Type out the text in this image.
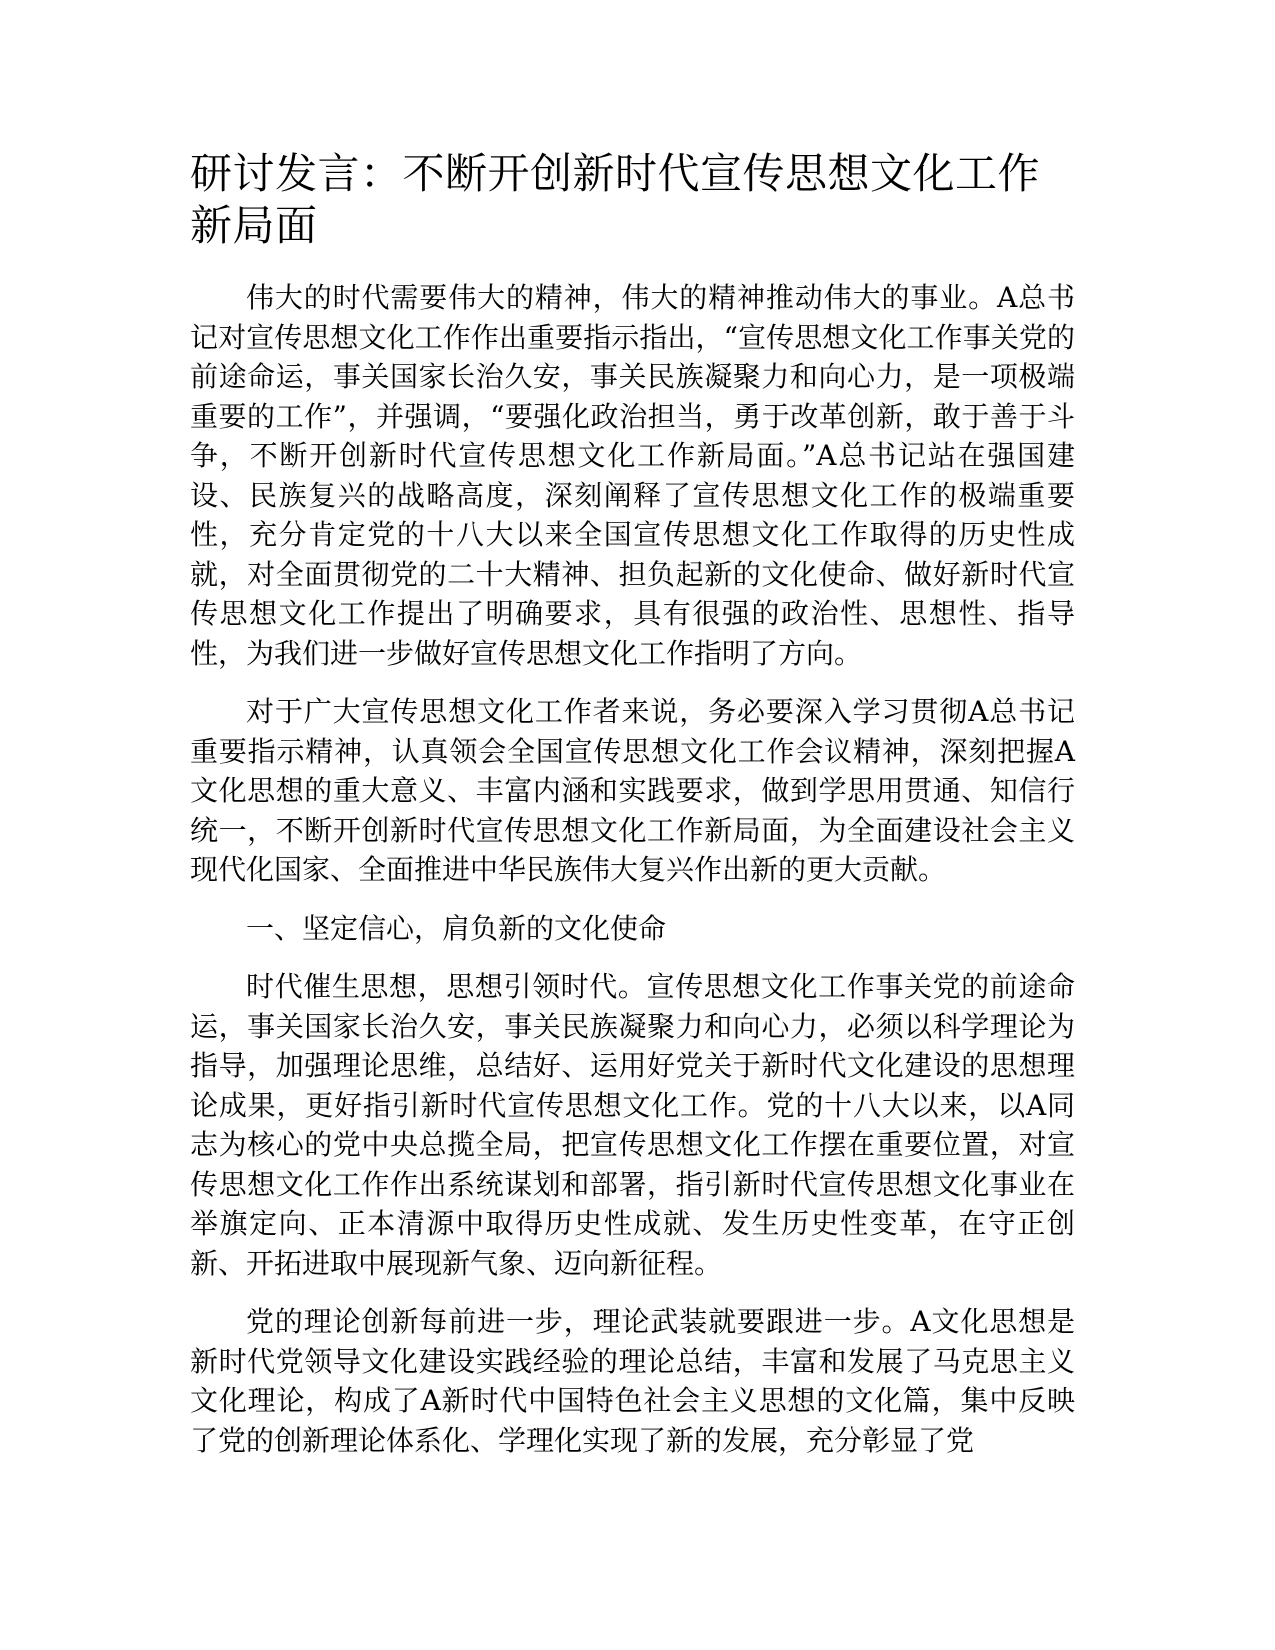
研讨发言：不断开创新时代宣传思想文化工作新局面

伟大的时代需要伟大的精神，伟大的精神推动伟大的事业。A总书记对宣传思想文化工作作出重要指示指出，“宣传思想文化工作事关党的前途命运，事关国家长治久安，事关民族凝聚力和向心力，是一项极端重要的工作”，并强调，“要强化政治担当，勇于改革创新，敢于善于斗争，不断开创新时代宣传思想文化工作新局面。”A总书记站在强国建设、民族复兴的战略高度，深刻阐释了宣传思想文化工作的极端重要性，充分肯定党的十八大以来全国宣传思想文化工作取得的历史性成就，对全面贯彻党的二十大精神、担负起新的文化使命、做好新时代宣传思想文化工作提出了明确要求，具有很强的政治性、思想性、指导性，为我们进一步做好宣传思想文化工作指明了方向。

对于广大宣传思想文化工作者来说，务必要深入学习贯彻A总书记重要指示精神，认真领会全国宣传思想文化工作会议精神，深刻把握A文化思想的重大意义、丰富内涵和实践要求，做到学思用贯通、知信行统一，不断开创新时代宣传思想文化工作新局面，为全面建设社会主义现代化国家、全面推进中华民族伟大复兴作出新的更大贡献。

一、坚定信心，肩负新的文化使命

时代催生思想，思想引领时代。宣传思想文化工作事关党的前途命运，事关国家长治久安，事关民族凝聚力和向心力，必须以科学理论为指导，加强理论思维，总结好、运用好党关于新时代文化建设的思想理论成果，更好指引新时代宣传思想文化工作。党的十八大以来，以A同志为核心的党中央总揽全局，把宣传思想文化工作摆在重要位置，对宣传思想文化工作作出系统谋划和部署，指引新时代宣传思想文化事业在举旗定向、正本清源中取得历史性成就、发生历史性变革，在守正创新、开拓进取中展现新气象、迈向新征程。

党的理论创新每前进一步，理论武装就要跟进一步。A文化思想是新时代党领导文化建设实践经验的理论总结，丰富和发展了马克思主义文化理论，构成了A新时代中国特色社会主义思想的文化篇，集中反映了党的创新理论体系化、学理化实现了新的发展，充分彰显了党
